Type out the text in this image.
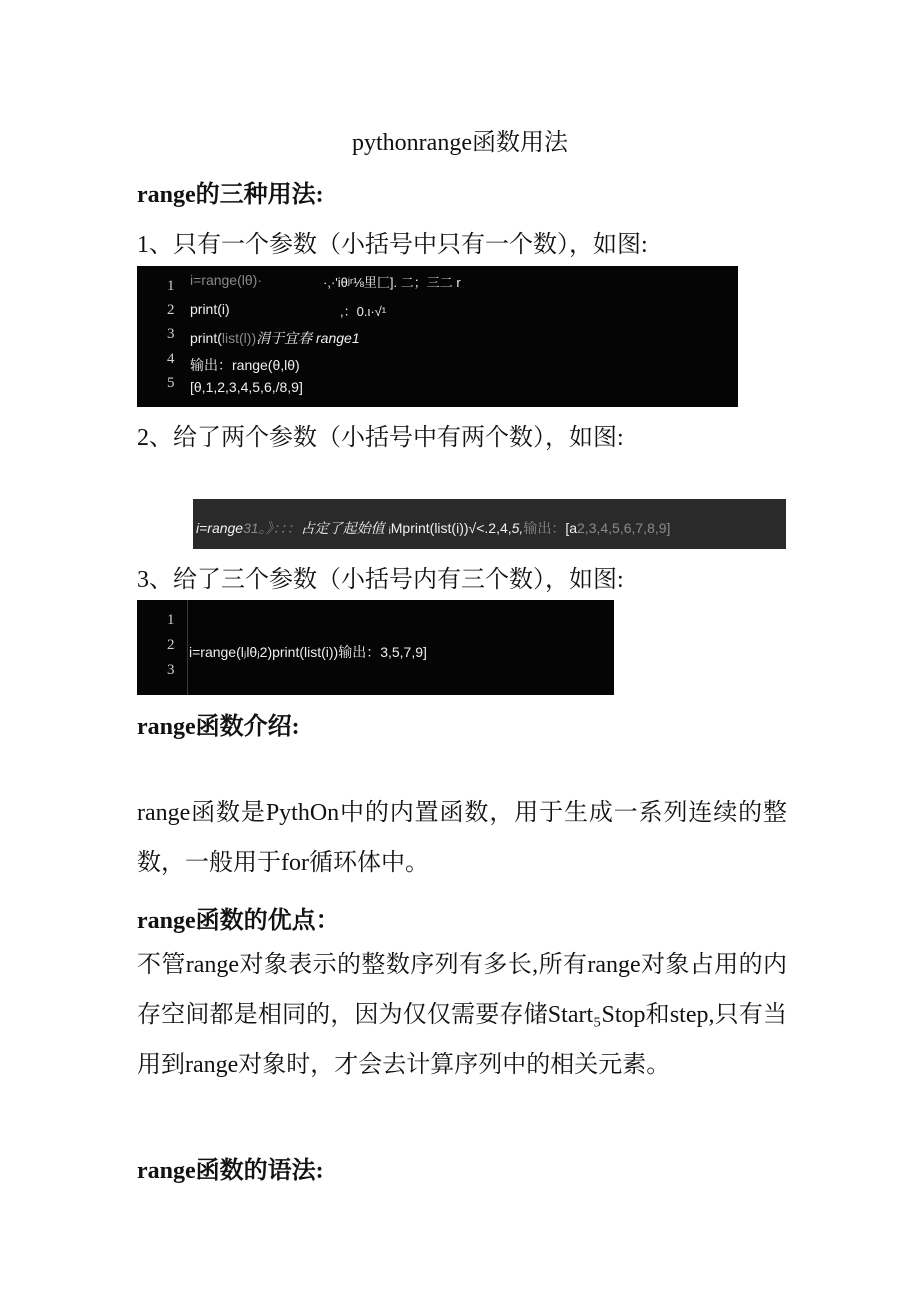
pythonrange函数用法
range的三种用法:
1、只有一个参数（小括号中只有一个数），如图:
1
2
3
4
5
i=range(lθ)·	·,·'iθʲʳ⅛里匚]. 二；三二 r
print(i)	,：0.ι·√¹
print(list(l))涓于宜春 range1
输出：range(θ,lθ)
[θ,1,2,3,4,5,6,/8,9]
2、给了两个参数（小括号中有两个数），如图:
i=range31。》：：：占定了起始值 ᵢMprint(list(i))√<.2,4,5,输出：[a2,3,4,5,6,7,8,9]
3、给了三个参数（小括号内有三个数），如图:
1
2
3
i=range(lⱼlθⱼ2)print(list(i))输出：3,5,7,9]
range函数介绍:
range函数是PythOn中的内置函数，用于生成一系列连续的整数，一般用于for循环体中。
range函数的优点：
不管range对象表示的整数序列有多长,所有range对象占用的内存空间都是相同的，因为仅仅需要存储Start₅Stop和step,只有当用到range对象时，才会去计算序列中的相关元素。
range函数的语法:
